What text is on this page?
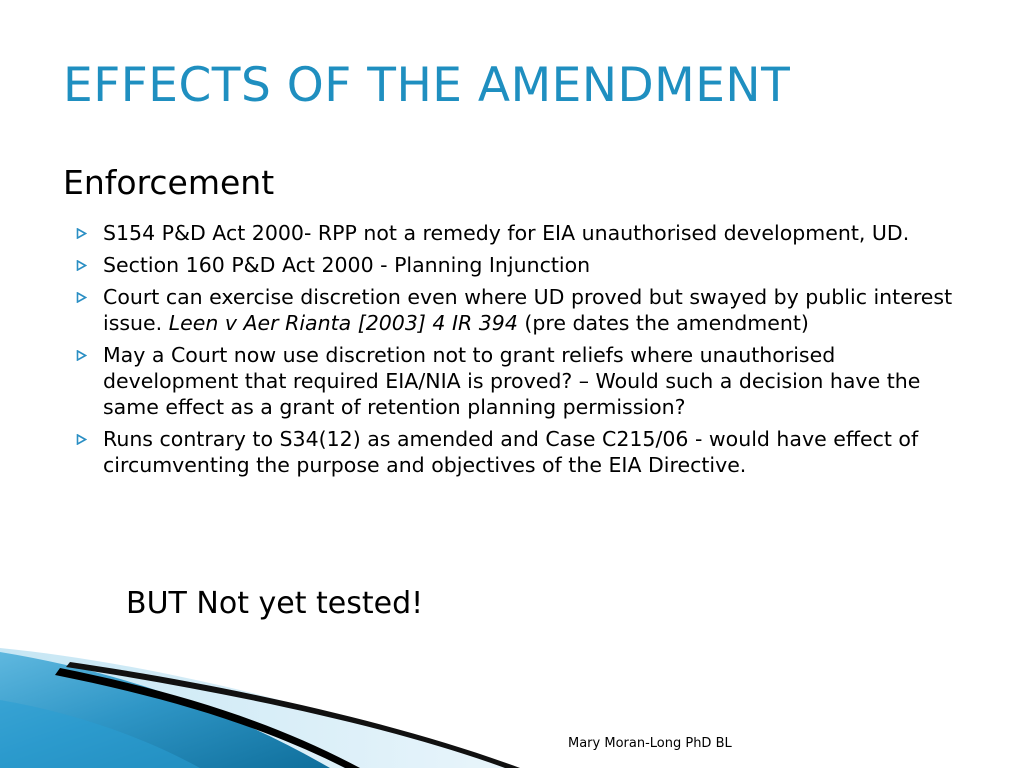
EFFECTS OF THE AMENDMENT
Enforcement
S154 P&D Act 2000- RPP not a remedy for EIA unauthorised development, UD.
Section 160 P&D Act 2000 - Planning Injunction
Court can exercise discretion even where UD proved but swayed by public interest issue. Leen v Aer Rianta [2003] 4 IR 394 (pre dates the amendment)
May a Court now use discretion not to grant reliefs where unauthorised development that required EIA/NIA is proved? – Would such a decision have the same effect as a grant of retention planning permission?
Runs contrary to S34(12) as amended and Case C215/06 - would have effect of circumventing the purpose and objectives of the EIA Directive.
BUT Not yet tested!
Mary Moran-Long PhD BL
